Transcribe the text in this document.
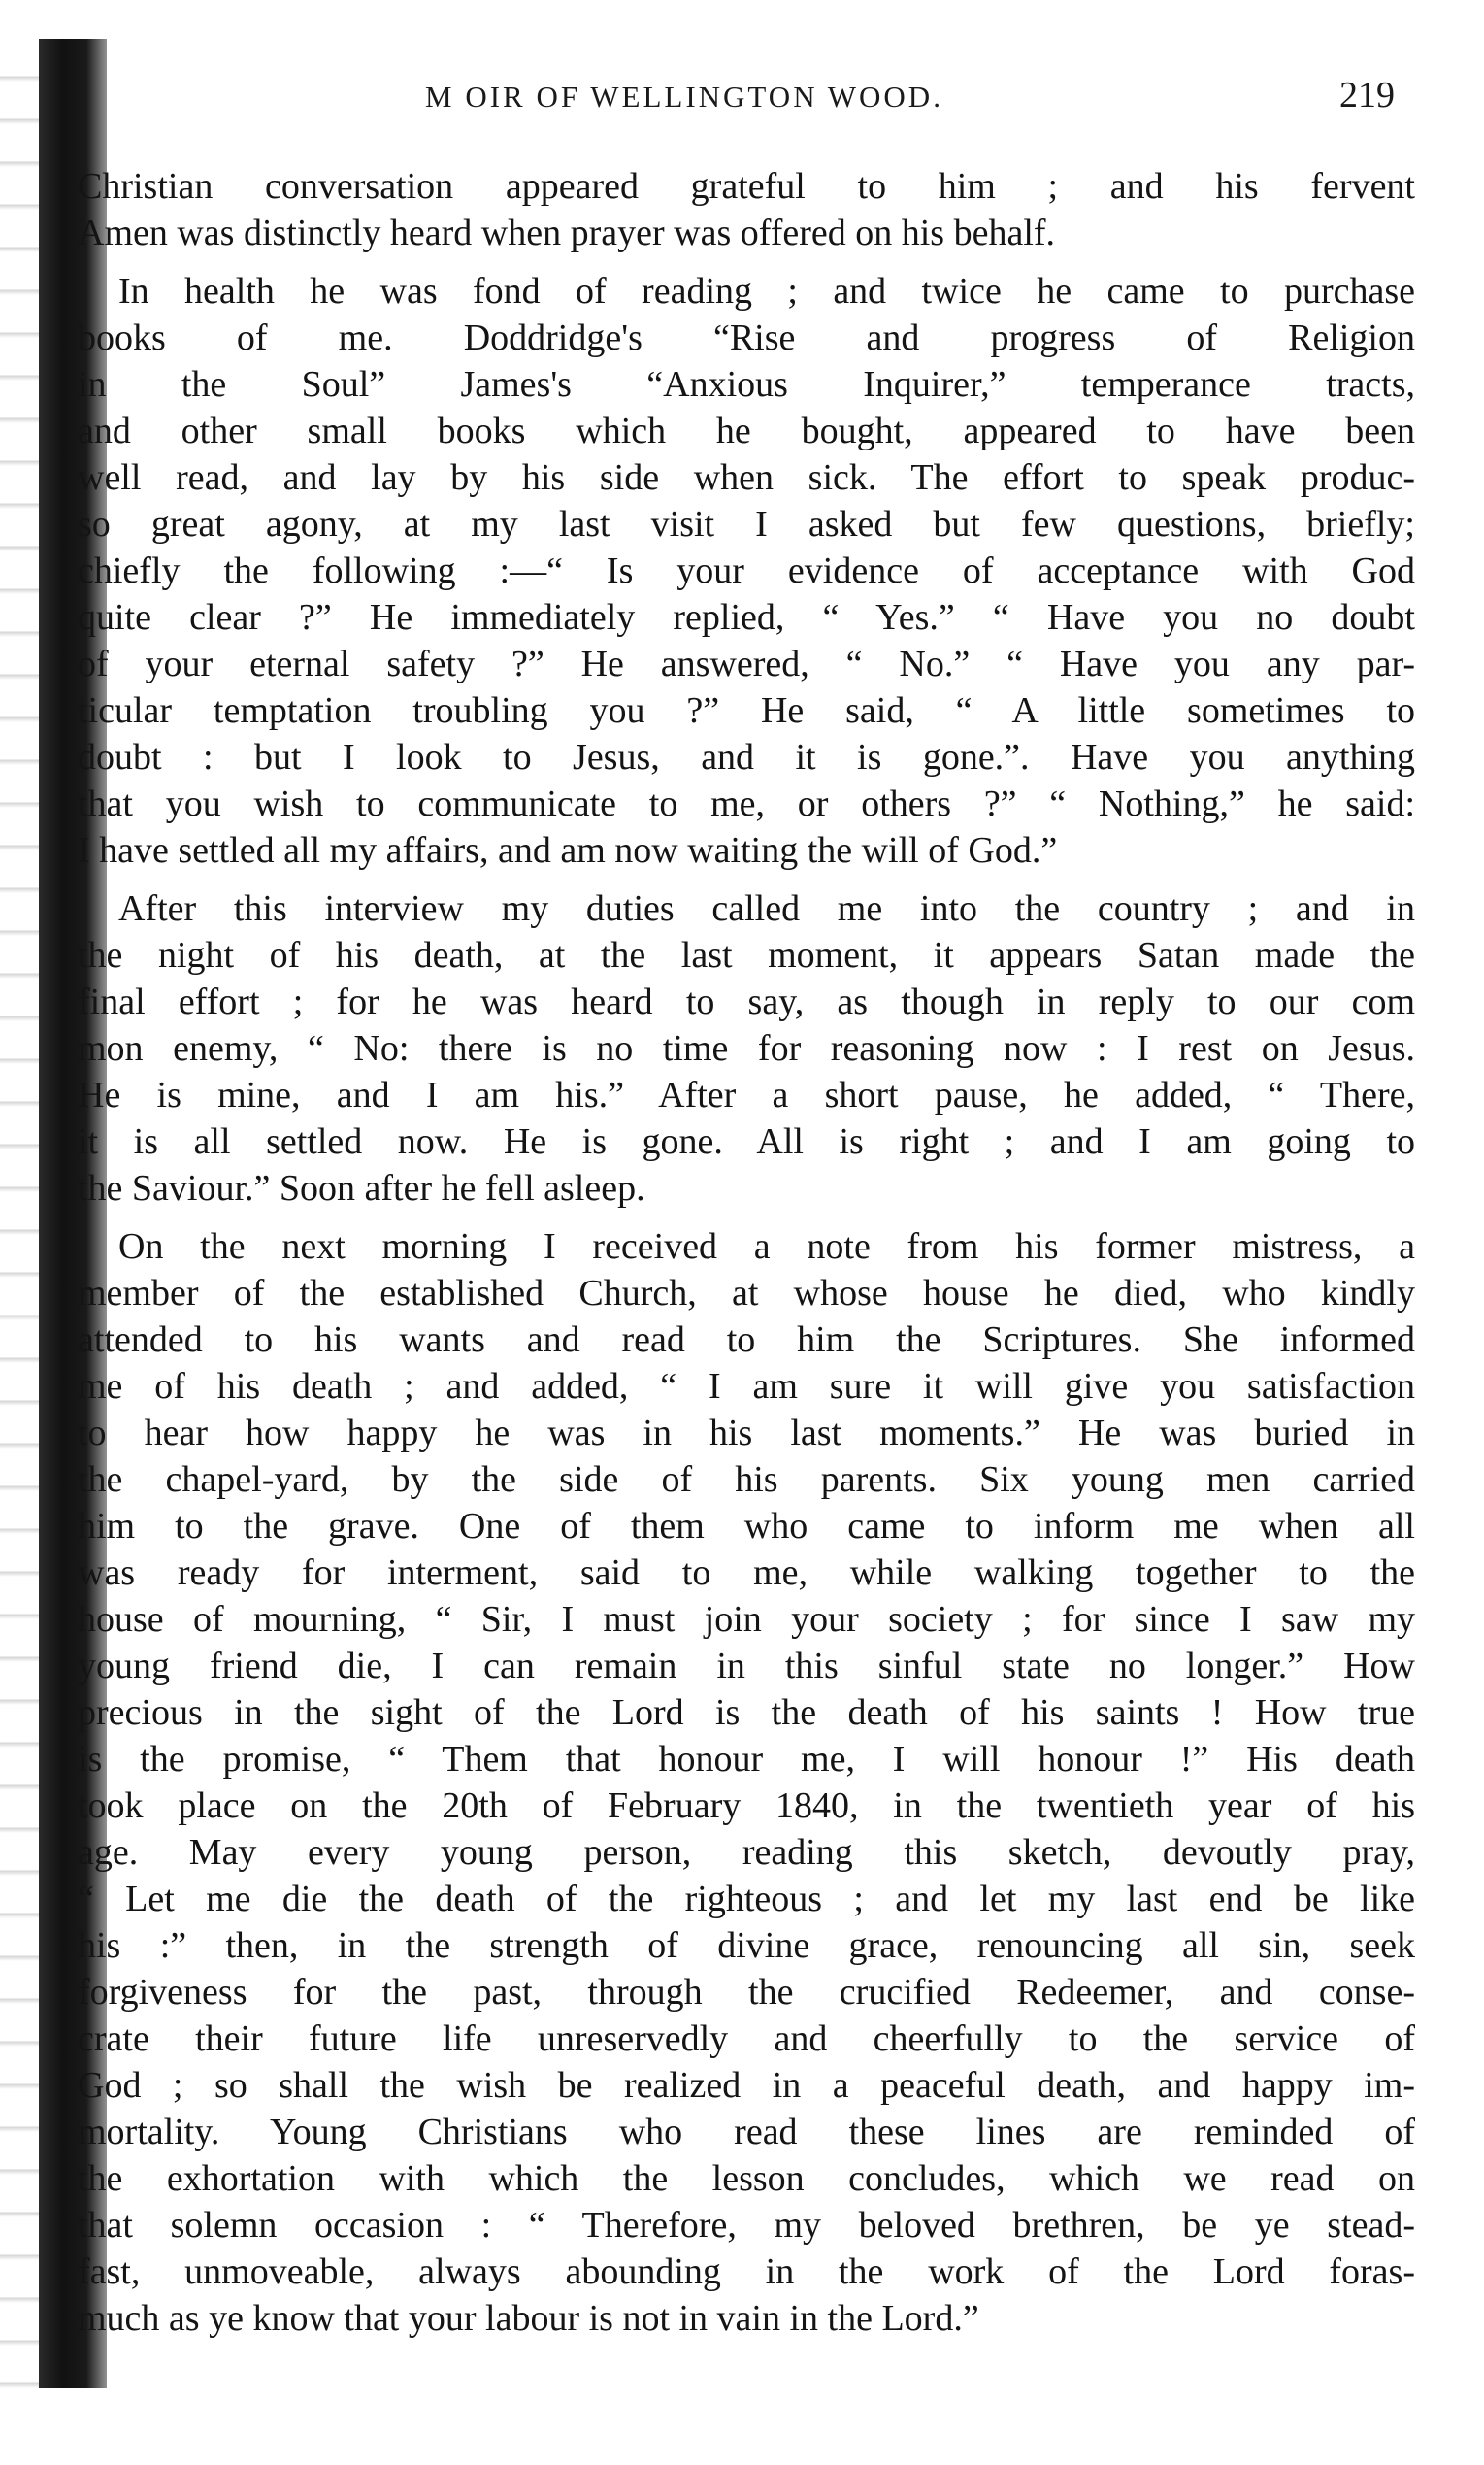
M OIR OF WELLINGTON WOOD.	219
Christian conversation appeared grateful to him ; and his fervent
Amen was distinctly heard when prayer was offered on his behalf.
In health he was fond of reading ; and twice he came to purchase
books of me. Doddridge's “Rise and progress of Religion
in the Soul” James's “Anxious Inquirer,” temperance tracts,
and other small books which he bought, appeared to have been
well read, and lay by his side when sick. The effort to speak produc-
so great agony, at my last visit I asked but few questions, briefly;
chiefly the following :—“ Is your evidence of acceptance with God
quite clear ?” He immediately replied, “ Yes.” “ Have you no doubt
of your eternal safety ?” He answered, “ No.” “ Have you any par-
ticular temptation troubling you ?” He said, “ A little sometimes to
doubt : but I look to Jesus, and it is gone.”. Have you anything
that you wish to communicate to me, or others ?” “ Nothing,” he said:
I have settled all my affairs, and am now waiting the will of God.”
After this interview my duties called me into the country ; and in
the night of his death, at the last moment, it appears Satan made the
final effort ; for he was heard to say, as though in reply to our com
mon enemy, “ No: there is no time for reasoning now : I rest on Jesus.
He is mine, and I am his.” After a short pause, he added, “ There,
it is all settled now. He is gone. All is right ; and I am going to
the Saviour.” Soon after he fell asleep.
On the next morning I received a note from his former mistress, a
member of the established Church, at whose house he died, who kindly
attended to his wants and read to him the Scriptures. She informed
me of his death ; and added, “ I am sure it will give you satisfaction
to hear how happy he was in his last moments.” He was buried in
the chapel-yard, by the side of his parents. Six young men carried
him to the grave. One of them who came to inform me when all
was ready for interment, said to me, while walking together to the
house of mourning, “ Sir, I must join your society ; for since I saw my
young friend die, I can remain in this sinful state no longer.” How
precious in the sight of the Lord is the death of his saints ! How true
is the promise, “ Them that honour me, I will honour !” His death
took place on the 20th of February 1840, in the twentieth year of his
age. May every young person, reading this sketch, devoutly pray,
“ Let me die the death of the righteous ; and let my last end be like
his :” then, in the strength of divine grace, renouncing all sin, seek
forgiveness for the past, through the crucified Redeemer, and conse-
crate their future life unreservedly and cheerfully to the service of
God ; so shall the wish be realized in a peaceful death, and happy im-
mortality. Young Christians who read these lines are reminded of
the exhortation with which the lesson concludes, which we read on
that solemn occasion : “ Therefore, my beloved brethren, be ye stead-
fast, unmoveable, always abounding in the work of the Lord foras-
much as ye know that your labour is not in vain in the Lord.”
